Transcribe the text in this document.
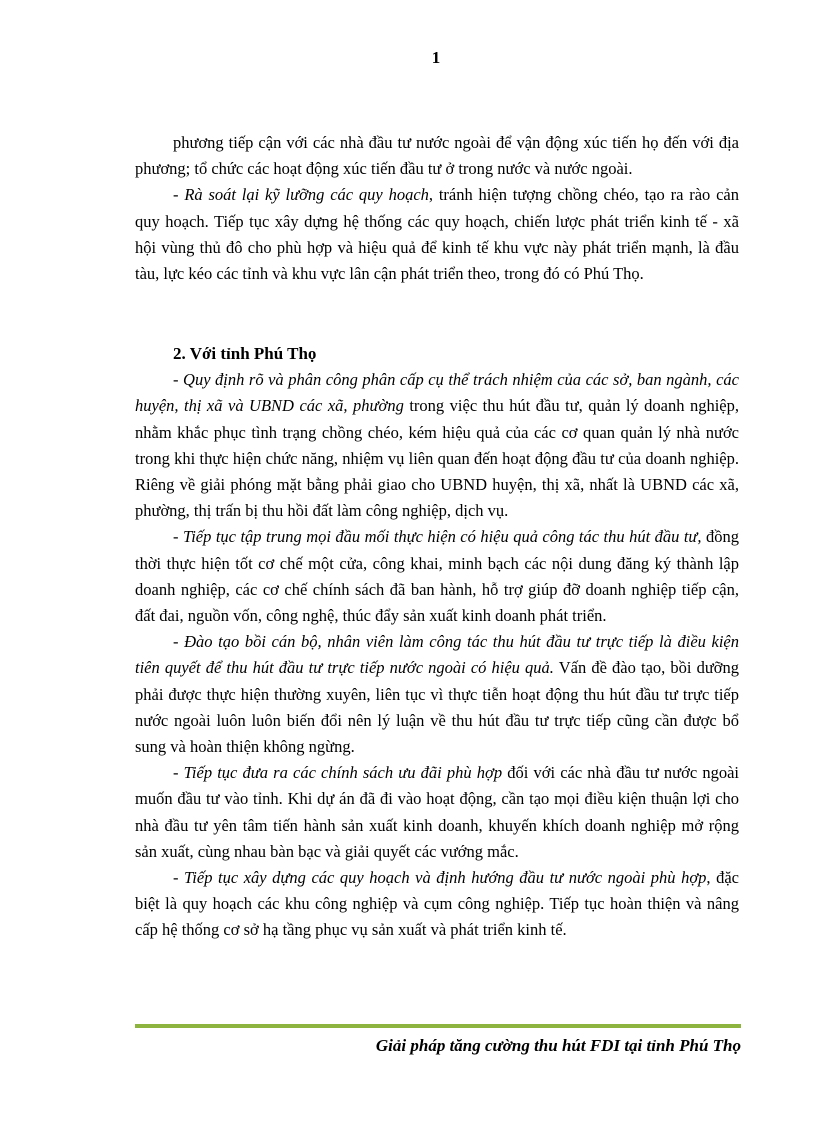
1

phương tiếp cận với các nhà đầu tư nước ngoài để vận động xúc tiến họ đến với địa phương; tổ chức các hoạt động xúc tiến đầu tư ở trong nước và nước ngoài.

- Rà soát lại kỹ lưỡng các quy hoạch, tránh hiện tượng chồng chéo, tạo ra rào cản quy hoạch. Tiếp tục xây dựng hệ thống các quy hoạch, chiến lược phát triển kinh tế - xã hội vùng thủ đô cho phù hợp và hiệu quả để kinh tế khu vực này phát triển mạnh, là đầu tàu, lực kéo các tỉnh và khu vực lân cận phát triển theo, trong đó có Phú Thọ.

2. Với tỉnh Phú Thọ

- Quy định rõ và phân công phân cấp cụ thể trách nhiệm của các sở, ban ngành, các huyện, thị xã và UBND các xã, phường trong việc thu hút đầu tư, quản lý doanh nghiệp, nhằm khắc phục tình trạng chồng chéo, kém hiệu quả của các cơ quan quản lý nhà nước trong khi thực hiện chức năng, nhiệm vụ liên quan đến hoạt động đầu tư của doanh nghiệp. Riêng về giải phóng mặt bằng phải giao cho UBND huyện, thị xã, nhất là UBND các xã, phường, thị trấn bị thu hồi đất làm công nghiệp, dịch vụ.

- Tiếp tục tập trung mọi đầu mối thực hiện có hiệu quả công tác thu hút đầu tư, đồng thời thực hiện tốt cơ chế một cửa, công khai, minh bạch các nội dung đăng ký thành lập doanh nghiệp, các cơ chế chính sách đã ban hành, hỗ trợ giúp đỡ doanh nghiệp tiếp cận, đất đai, nguồn vốn, công nghệ, thúc đẩy sản xuất kinh doanh phát triển.

- Đào tạo bồi cán bộ, nhân viên làm công tác thu hút đầu tư trực tiếp là điều kiện tiên quyết để thu hút đầu tư trực tiếp nước ngoài có hiệu quả. Vấn đề đào tạo, bồi dưỡng phải được thực hiện thường xuyên, liên tục vì thực tiễn hoạt động thu hút đầu tư trực tiếp nước ngoài luôn luôn biến đổi nên lý luận về thu hút đầu tư trực tiếp cũng cần được bổ sung và hoàn thiện không ngừng.

- Tiếp tục đưa ra các chính sách ưu đãi phù hợp đối với các nhà đầu tư nước ngoài muốn đầu tư vào tỉnh. Khi dự án đã đi vào hoạt động, cần tạo mọi điều kiện thuận lợi cho nhà đầu tư yên tâm tiến hành sản xuất kinh doanh, khuyến khích doanh nghiệp mở rộng sản xuất, cùng nhau bàn bạc và giải quyết các vướng mắc.

- Tiếp tục xây dựng các quy hoạch và định hướng đầu tư nước ngoài phù hợp, đặc biệt là quy hoạch các khu công nghiệp và cụm công nghiệp. Tiếp tục hoàn thiện và nâng cấp hệ thống cơ sở hạ tầng phục vụ sản xuất và phát triển kinh tế.

Giải pháp tăng cường thu hút FDI tại tỉnh Phú Thọ
